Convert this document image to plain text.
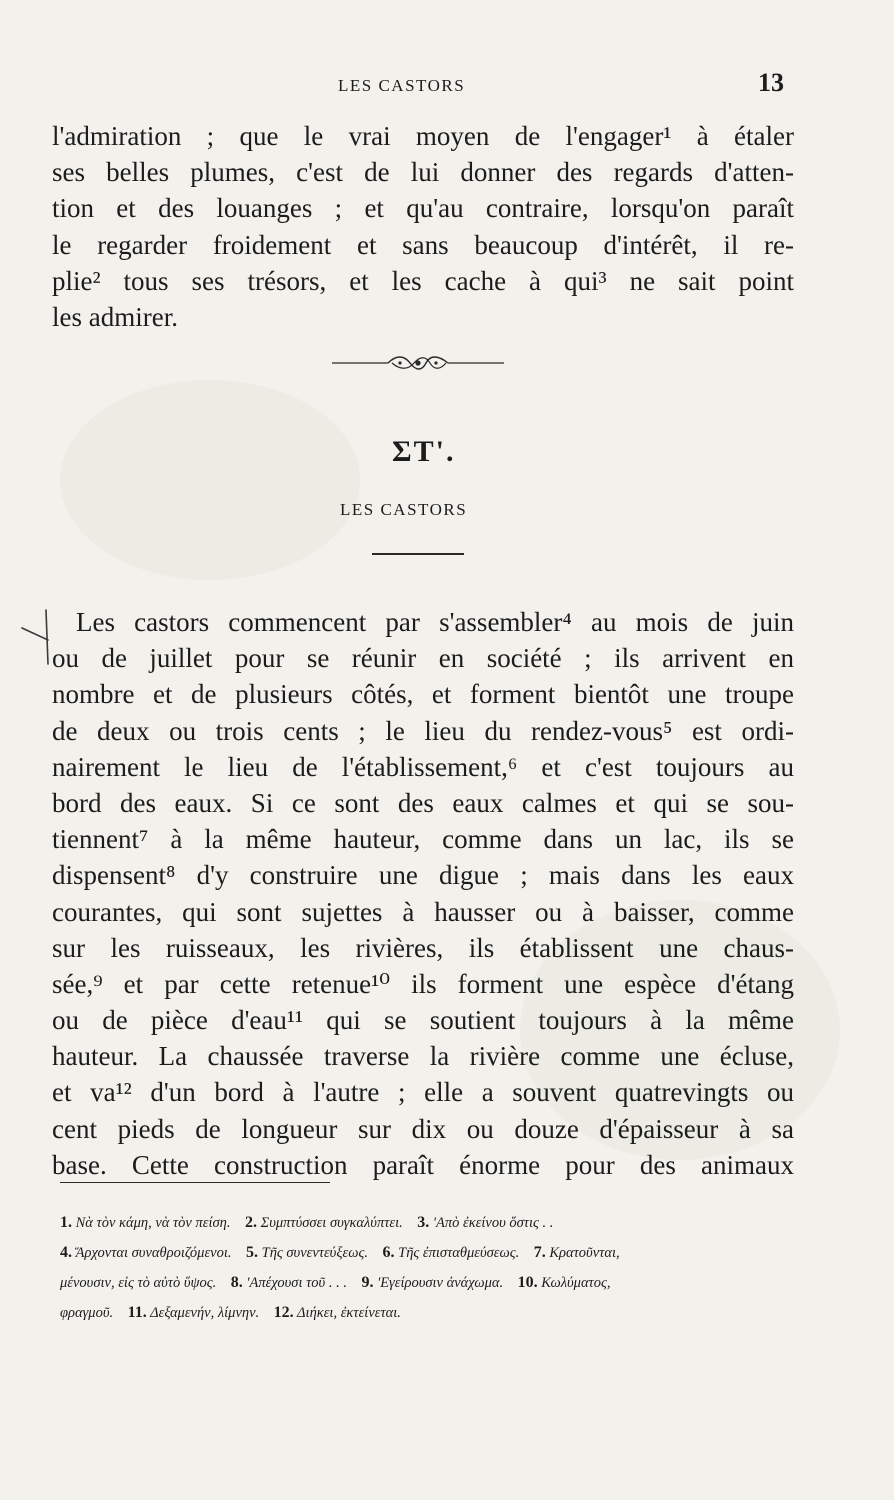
LES CASTORS	13
l'admiration ; que le vrai moyen de l'engager¹ à étaler
ses belles plumes, c'est de lui donner des regards d'atten-
tion et des louanges ; et qu'au contraire, lorsqu'on paraît
le regarder froidement et sans beaucoup d'intérêt, il re-
plie² tous ses trésors, et les cache à qui³ ne sait point
les admirer.
ΣΤ'.
LES CASTORS
Les castors commencent par s'assembler⁴ au mois de juin
ou de juillet pour se réunir en société ; ils arrivent en
nombre et de plusieurs côtés, et forment bientôt une troupe
de deux ou trois cents ; le lieu du rendez-vous⁵ est ordi-
nairement le lieu de l'établissement,⁶ et c'est toujours au
bord des eaux. Si ce sont des eaux calmes et qui se sou-
tiennent⁷ à la même hauteur, comme dans un lac, ils se
dispensent⁸ d'y construire une digue ; mais dans les eaux
courantes, qui sont sujettes à hausser ou à baisser, comme
sur les ruisseaux, les rivières, ils établissent une chaus-
sée,⁹ et par cette retenue¹⁰ ils forment une espèce d'étang
ou de pièce d'eau¹¹ qui se soutient toujours à la même
hauteur. La chaussée traverse la rivière comme une écluse,
et va¹² d'un bord à l'autre ; elle a souvent quatrevingts ou
cent pieds de longueur sur dix ou douze d'épaisseur à sa
base. Cette construction paraît énorme pour des animaux
1. Νὰ τὸν κάμη, νὰ τὸν πείση. 2. Συμπτύσσει συγκαλύπτει. 3. 'Απὸ ἐκείνου ὅστις . .
4. Ἅρχονται συναθροιζόμενοι. 5. Τῆς συνεντεύξεως. 6. Τῆς ἐπισταθμεύσεως. 7. Κρατοῦνται,
μένουσιν, εἰς τὸ αὐτὸ ὕψος. 8. 'Απέχουσι τοῦ . . . 9. 'Εγείρουσιν ἀνάχωμα. 10. Κωλύματος,
φραγμοῦ. 11. Δεξαμενήν, λίμνην. 12. Διήκει, ἐκτείνεται.
